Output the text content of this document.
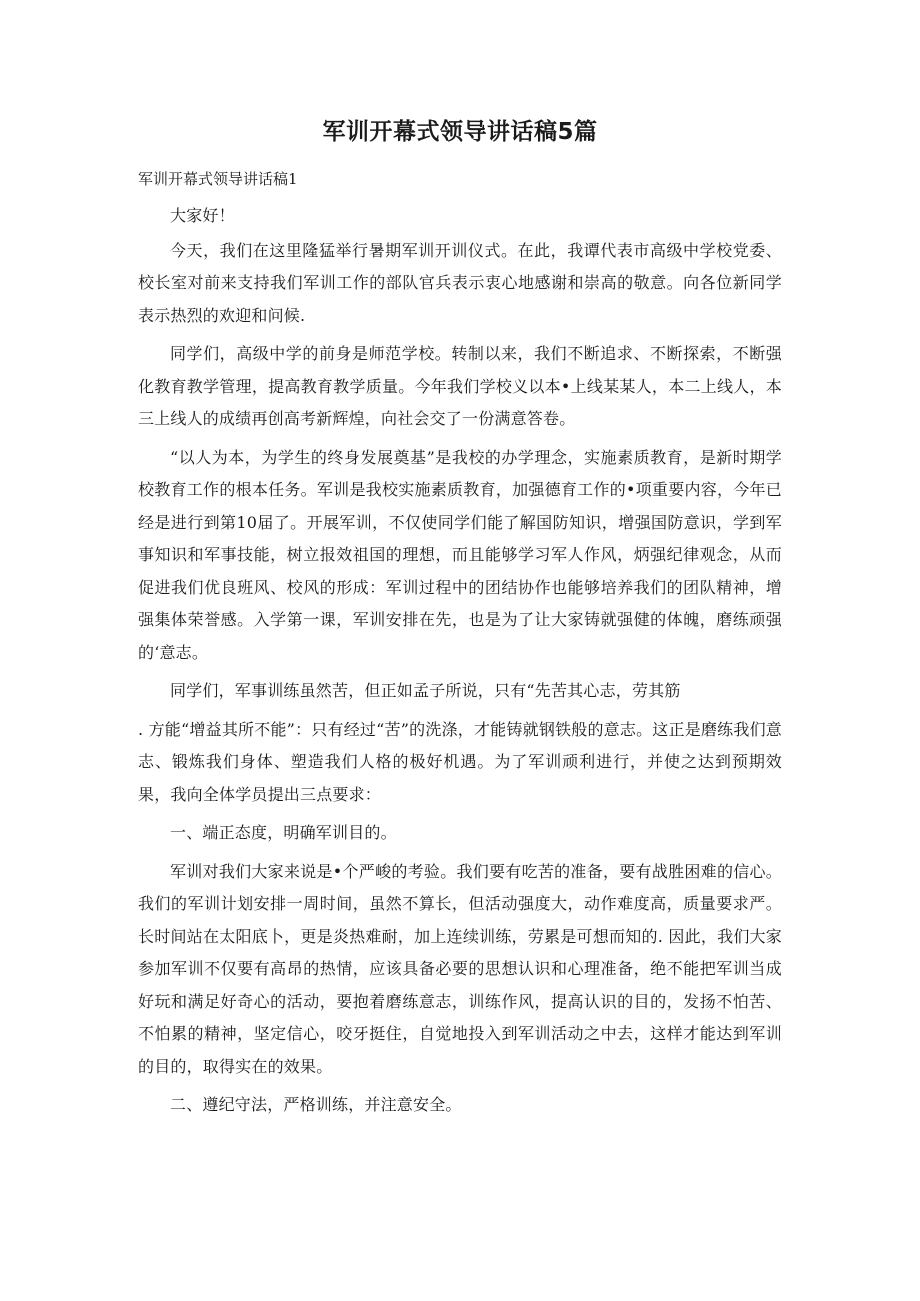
军训开幕式领导讲话稿5篇

军训开幕式领导讲话稿1

大家好！

今天，我们在这里隆猛举行暑期军训开训仪式。在此，我谭代表市高级中学校党委、校长室对前来支持我们军训工作的部队官兵表示衷心地感谢和崇高的敬意。向各位新同学表示热烈的欢迎和问候.

同学们，高级中学的前身是师范学校。转制以来，我们不断追求、不断探索，不断强化教育教学管理，提高教育教学质量。今年我们学校义以本•上线某某人，本二上线人，本三上线人的成绩再创高考新辉煌，向社会交了一份满意答卷。

“以人为本，为学生的终身发展奠基”是我校的办学理念，实施素质教育，是新时期学校教育工作的根本任务。军训是我校实施素质教育，加强德育工作的•项重要内容，今年已经是进行到第10届了。开展军训，不仅使同学们能了解国防知识，增强国防意识，学到军事知识和军事技能，树立报效祖国的理想，而且能够学习军人作风，炳强纪律观念，从而促进我们优良班风、校风的形成：军训过程中的团结协作也能够培养我们的团队精神，增强集体荣誉感。入学第一课，军训安排在先，也是为了让大家铸就强健的体魄，磨练顽强的‘意志。

同学们，军事训练虽然苦，但正如孟子所说，只有“先苦其心志，劳其筋

. 方能“增益其所不能”：只有经过“苦”的洗涤，才能铸就钢铁般的意志。这正是磨练我们意志、锻炼我们身体、塑造我们人格的极好机遇。为了军训顽利进行，并使之达到预期效果，我向全体学员提出三点要求：

一、端正态度，明确军训目的。

军训对我们大家来说是•个严峻的考验。我们要有吃苦的准备，要有战胜困难的信心。我们的军训计划安排一周时间，虽然不算长，但活动强度大，动作难度高，质量要求严。长时间站在太阳底卜，更是炎热难耐，加上连续训练，劳累是可想而知的. 因此，我们大家参加军训不仅要有高昂的热情，应该具备必要的思想认识和心理准备，绝不能把军训当成好玩和满足好奇心的活动，要抱着磨练意志，训练作风，提高认识的目的，发扬不怕苦、不怕累的精神，坚定信心，咬牙挺住，自觉地投入到军训活动之中去，这样才能达到军训的目的，取得实在的效果。

二、遵纪守法，严格训练，并注意安全。
